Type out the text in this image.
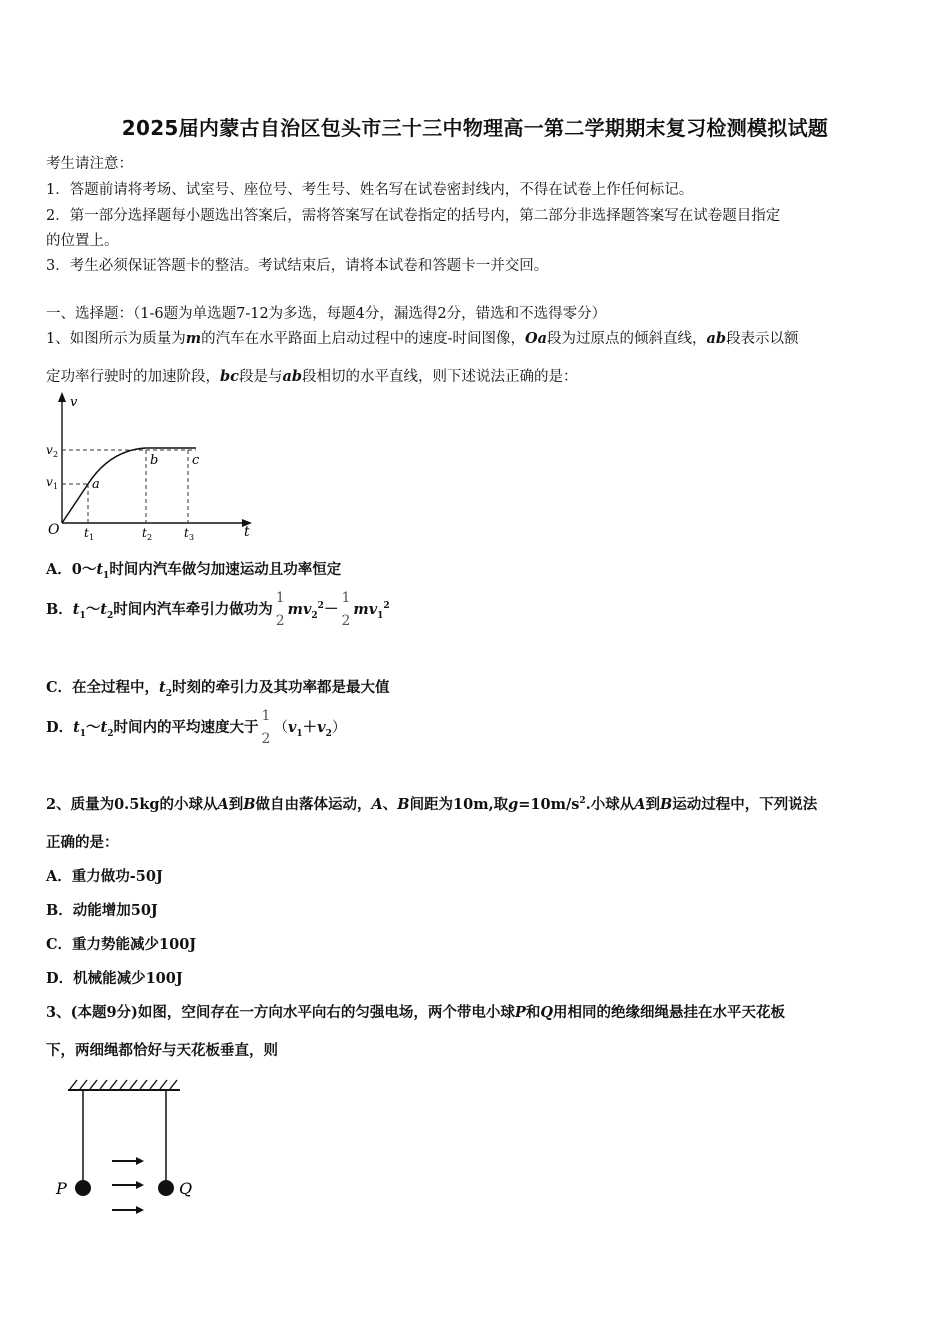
2025届内蒙古自治区包头市三十三中物理高一第二学期期末复习检测模拟试题
考生请注意：
1．答题前请将考场、试室号、座位号、考生号、姓名写在试卷密封线内，不得在试卷上作任何标记。
2．第一部分选择题每小题选出答案后，需将答案写在试卷指定的括号内，第二部分非选择题答案写在试卷题目指定
的位置上。
3．考生必须保证答题卡的整洁。考试结束后，请将本试卷和答题卡一并交回。
一、选择题：（1-6题为单选题7-12为多选，每题4分，漏选得2分，错选和不选得零分）
1、如图所示为质量为m的汽车在水平路面上启动过程中的速度-时间图像，Oa段为过原点的倾斜直线，ab段表示以额
定功率行驶时的加速阶段，bc段是与ab段相切的水平直线，则下述说法正确的是：
v
t
O
v 2
v 1
t 1	t 2	t 3
a
b	c
A．$0\sim t_1$时间内汽车做匀加速运动且功率恒定
B．$t_1\sim t_2$时间内汽车牵引力做功为
1
2
$mv_2^2-$
1
2
$mv_1^2$
C．在全过程中，$t_2$时刻的牵引力及其功率都是最大值
D．$t_1\sim t_2$时间内的平均速度大于
1
2
$(v_1+v_2)$
2、质量为0.5kg的小球从A到B做自由落体运动，A、B间距为10m,取$g=10m/s^2$.小球从A到B运动过程中，下列说法
正确的是：
A．重力做功-50J
B．动能增加50J
C．重力势能减少100J
D．机械能减少100J
3、(本题9分)如图，空间存在一方向水平向右的匀强电场，两个带电小球P和Q用相同的绝缘细绳悬挂在水平天花板
下，两细绳都恰好与天花板垂直，则
P	Q
